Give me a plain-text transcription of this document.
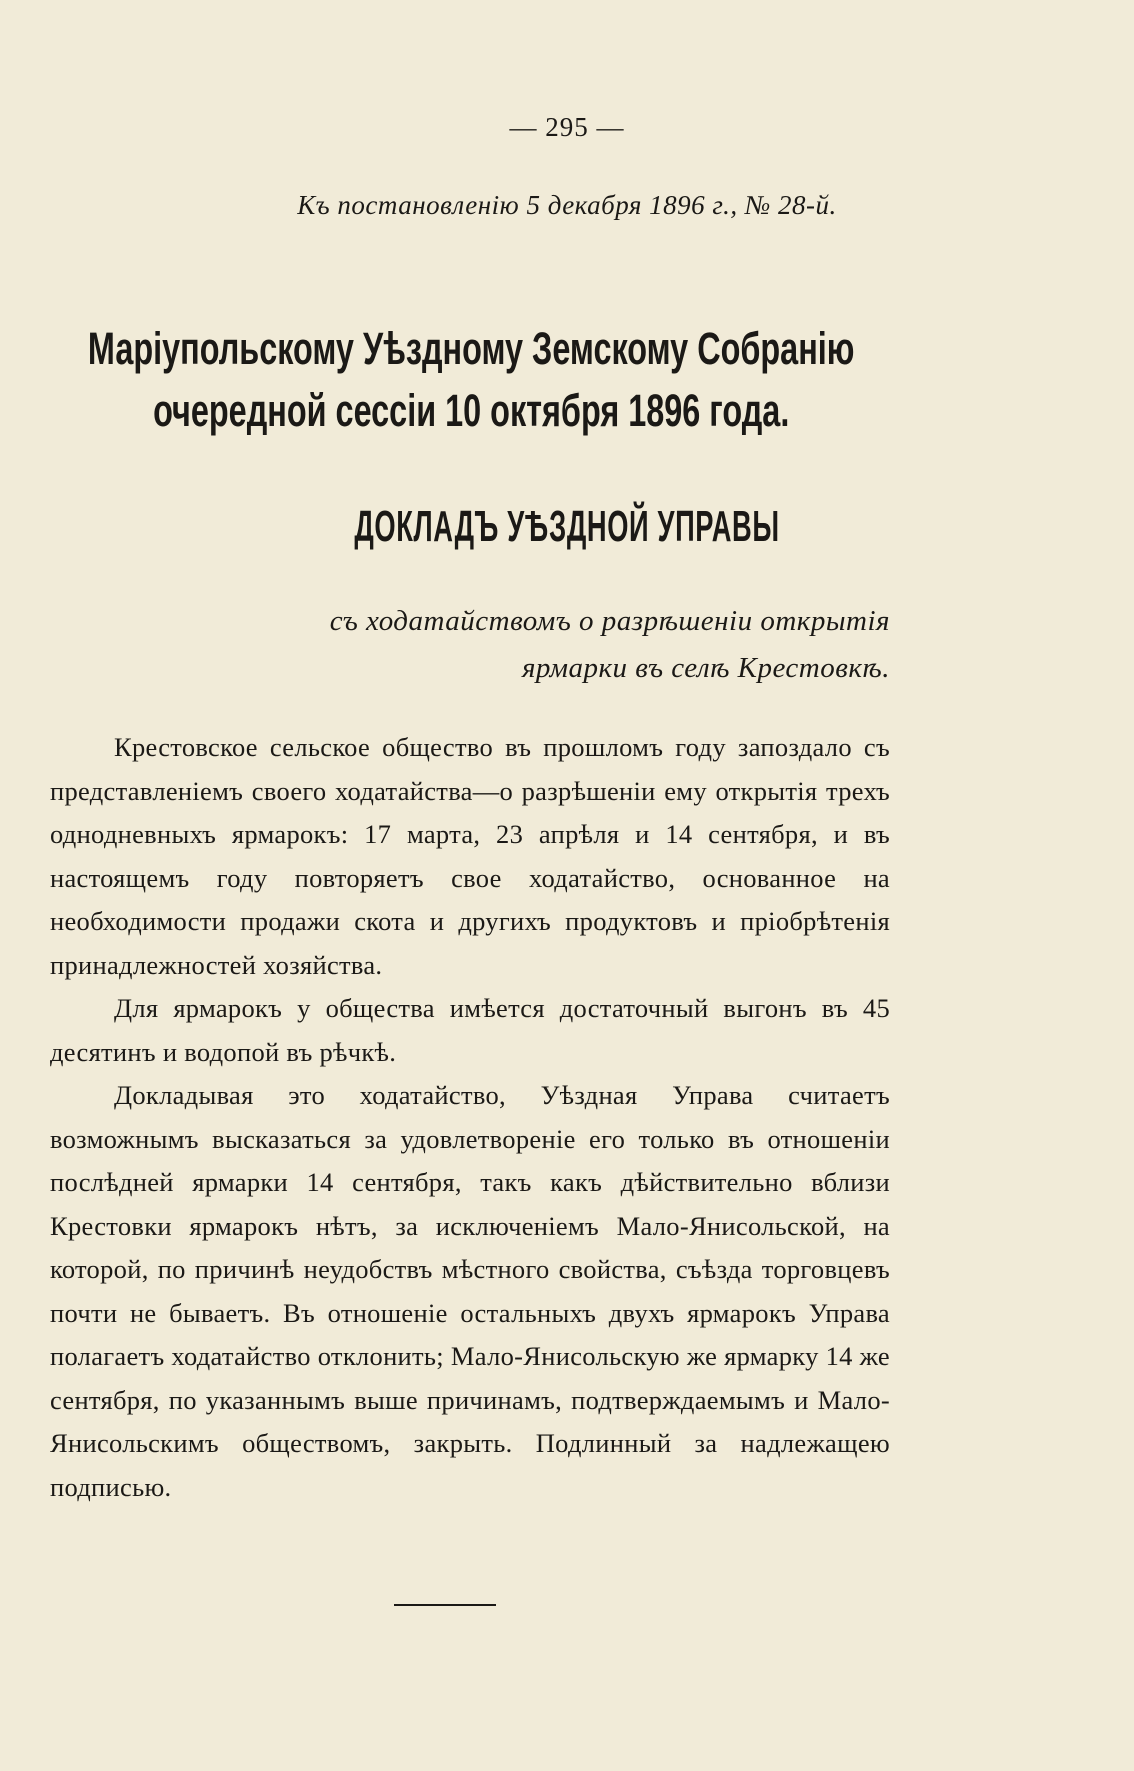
— 295 —
Къ постановленію 5 декабря 1896 г., № 28-й.
Маріупольскому Уѣздному Земскому Собранію очередной сессіи 10 октября 1896 года.
ДОКЛАДЪ УѢЗДНОЙ УПРАВЫ
съ ходатайствомъ о разрѣшеніи открытія ярмарки въ селѣ Крестовкѣ.

Крестовское сельское общество въ прошломъ году запоздало съ представленіемъ своего ходатайства—о разрѣшеніи ему открытія трехъ однодневныхъ ярмарокъ: 17 марта, 23 апрѣля и 14 сентября, и въ настоящемъ году повторяетъ свое ходатайство, основанное на необходимости продажи скота и другихъ продуктовъ и пріобрѣтенія принадлежностей хозяйства.

Для ярмарокъ у общества имѣется достаточный выгонъ въ 45 десятинъ и водопой въ рѣчкѣ.

Докладывая это ходатайство, Уѣздная Управа считаетъ возможнымъ высказаться за удовлетвореніе его только въ отношеніи послѣдней ярмарки 14 сентября, такъ какъ дѣйствительно вблизи Крестовки ярмарокъ нѣтъ, за исключеніемъ Мало-Янисольской, на которой, по причинѣ неудобствъ мѣстного свойства, съѣзда торговцевъ почти не бываетъ. Въ отношеніе остальныхъ двухъ ярмарокъ Управа полагаетъ ходатайство отклонить; Мало-Янисольскую же ярмарку 14 же сентября, по указаннымъ выше причинамъ, подтверждаемымъ и Мало-Янисольскимъ обществомъ, закрыть. Подлинный за надлежащею подписью.
